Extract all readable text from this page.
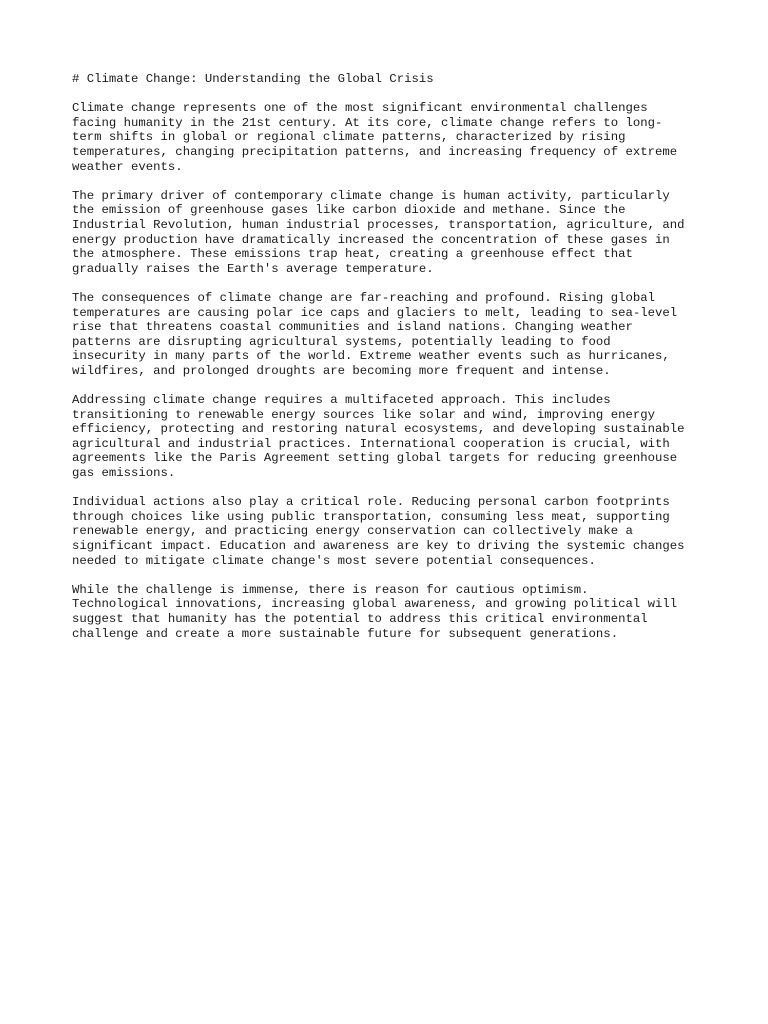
# Climate Change: Understanding the Global Crisis

Climate change represents one of the most significant environmental challenges
facing humanity in the 21st century. At its core, climate change refers to long-
term shifts in global or regional climate patterns, characterized by rising
temperatures, changing precipitation patterns, and increasing frequency of extreme
weather events.

The primary driver of contemporary climate change is human activity, particularly
the emission of greenhouse gases like carbon dioxide and methane. Since the
Industrial Revolution, human industrial processes, transportation, agriculture, and
energy production have dramatically increased the concentration of these gases in
the atmosphere. These emissions trap heat, creating a greenhouse effect that
gradually raises the Earth's average temperature.

The consequences of climate change are far-reaching and profound. Rising global
temperatures are causing polar ice caps and glaciers to melt, leading to sea-level
rise that threatens coastal communities and island nations. Changing weather
patterns are disrupting agricultural systems, potentially leading to food
insecurity in many parts of the world. Extreme weather events such as hurricanes,
wildfires, and prolonged droughts are becoming more frequent and intense.

Addressing climate change requires a multifaceted approach. This includes
transitioning to renewable energy sources like solar and wind, improving energy
efficiency, protecting and restoring natural ecosystems, and developing sustainable
agricultural and industrial practices. International cooperation is crucial, with
agreements like the Paris Agreement setting global targets for reducing greenhouse
gas emissions.

Individual actions also play a critical role. Reducing personal carbon footprints
through choices like using public transportation, consuming less meat, supporting
renewable energy, and practicing energy conservation can collectively make a
significant impact. Education and awareness are key to driving the systemic changes
needed to mitigate climate change's most severe potential consequences.

While the challenge is immense, there is reason for cautious optimism.
Technological innovations, increasing global awareness, and growing political will
suggest that humanity has the potential to address this critical environmental
challenge and create a more sustainable future for subsequent generations.
